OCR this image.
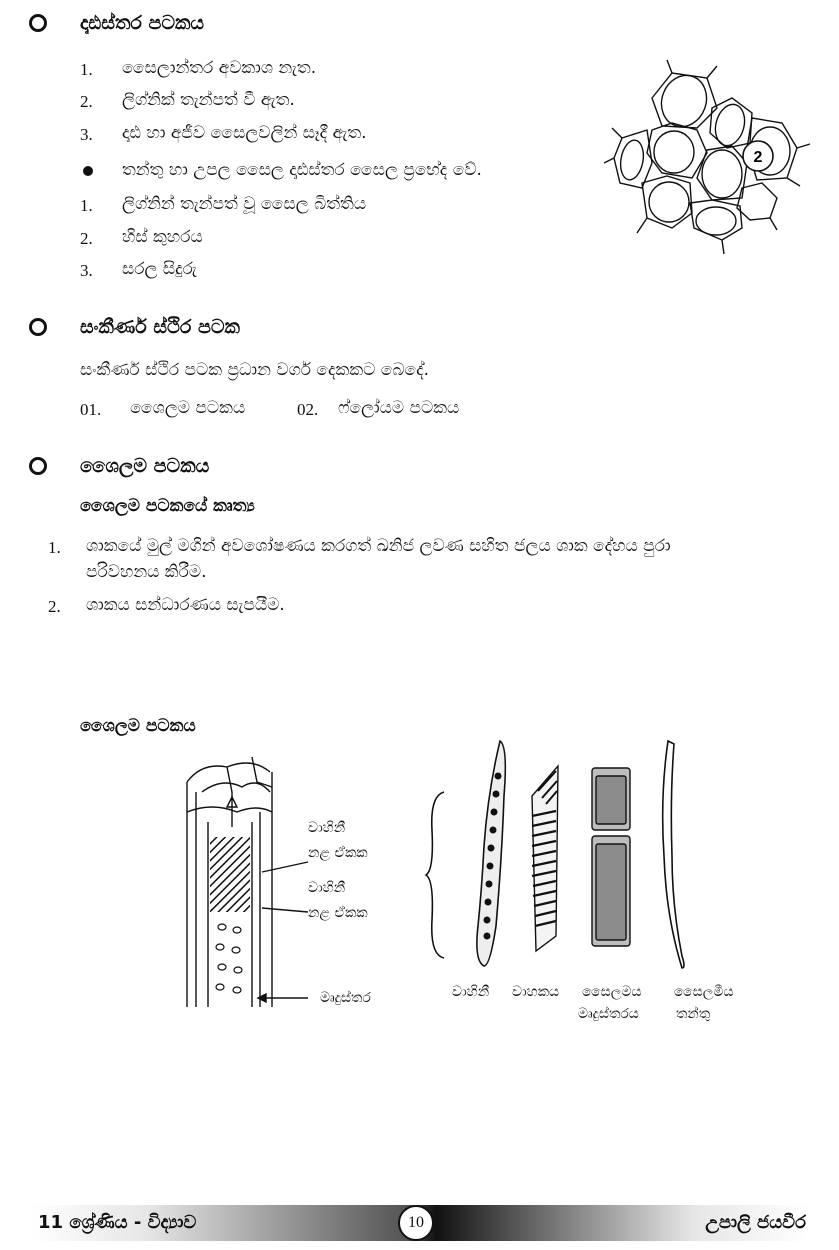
දෘඪස්තර පටකය
1. සෛලාන්තර අවකාශ නැත.
2. ලිග්නික් තැන්පත් වී ඇත.
3. දෘඪ හා අජීව සෛලවලින් සෑදී ඇත.
තන්තු හා උපල සෛල දෘඪස්තර සෛල ප්‍රභේද වේ.
1. ලිග්නින් තැන්පත් වූ සෛල බිත්තිය
2. හිස් කුහරය
3. සරල සිදුරු
2
සංකීර්ණ ස්ථිර පටක
සංකීර්ණ ස්ථිර පටක ප්‍රධාන වර්ග දෙකකට බෙදේ.
01. ශෛලම පටකය	02. ෆ්ලෝයම පටකය
ශෛලම පටකය
ශෛලම පටකයේ කෘත්‍ය
1. ශාකයේ මුල් මගින් අවශෝෂණය කරගත් ඛනිජ ලවණ සහිත ජලය ශාක දේහය පුරා
පරිවහනය කිරීම.
2. ශාකය සන්ධාරණය සැපයීම.
ශෛලම පටකය
වාහිනී
නළ ඒකක
වාහිනී
නළ ඒකක
මෘදුස්තර	වාහිනී වාහකය සෛලමය
මෘදුස්තරය
සෛලමීය
තන්තු
11 ශ්‍රේණිය - විද්‍යාව	10	උපාලි ජයවීර
